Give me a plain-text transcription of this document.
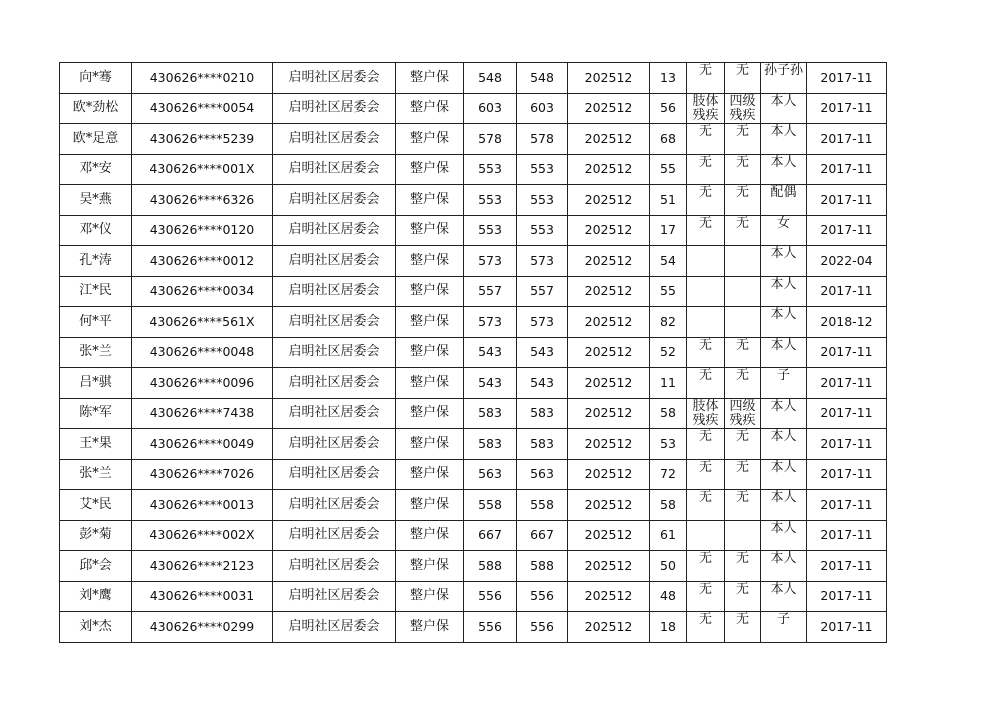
向*骞	430626****0210	启明社区居委会	整户保	548	548	202512	13	无	无	孙子孙	2017-11
欧*劲松	430626****0054	启明社区居委会	整户保	603	603	202512	56	肢体残疾	四级残疾	本人	2017-11
欧*足意	430626****5239	启明社区居委会	整户保	578	578	202512	68	无	无	本人	2017-11
邓*安	430626****001X	启明社区居委会	整户保	553	553	202512	55	无	无	本人	2017-11
吴*燕	430626****6326	启明社区居委会	整户保	553	553	202512	51	无	无	配偶	2017-11
邓*仪	430626****0120	启明社区居委会	整户保	553	553	202512	17	无	无	女	2017-11
孔*涛	430626****0012	启明社区居委会	整户保	573	573	202512	54			本人	2022-04
江*民	430626****0034	启明社区居委会	整户保	557	557	202512	55			本人	2017-11
何*平	430626****561X	启明社区居委会	整户保	573	573	202512	82			本人	2018-12
张*兰	430626****0048	启明社区居委会	整户保	543	543	202512	52	无	无	本人	2017-11
吕*骐	430626****0096	启明社区居委会	整户保	543	543	202512	11	无	无	子	2017-11
陈*军	430626****7438	启明社区居委会	整户保	583	583	202512	58	肢体残疾	四级残疾	本人	2017-11
王*果	430626****0049	启明社区居委会	整户保	583	583	202512	53	无	无	本人	2017-11
张*兰	430626****7026	启明社区居委会	整户保	563	563	202512	72	无	无	本人	2017-11
艾*民	430626****0013	启明社区居委会	整户保	558	558	202512	58	无	无	本人	2017-11
彭*菊	430626****002X	启明社区居委会	整户保	667	667	202512	61			本人	2017-11
邱*会	430626****2123	启明社区居委会	整户保	588	588	202512	50	无	无	本人	2017-11
刘*鹰	430626****0031	启明社区居委会	整户保	556	556	202512	48	无	无	本人	2017-11
刘*杰	430626****0299	启明社区居委会	整户保	556	556	202512	18	无	无	子	2017-11
